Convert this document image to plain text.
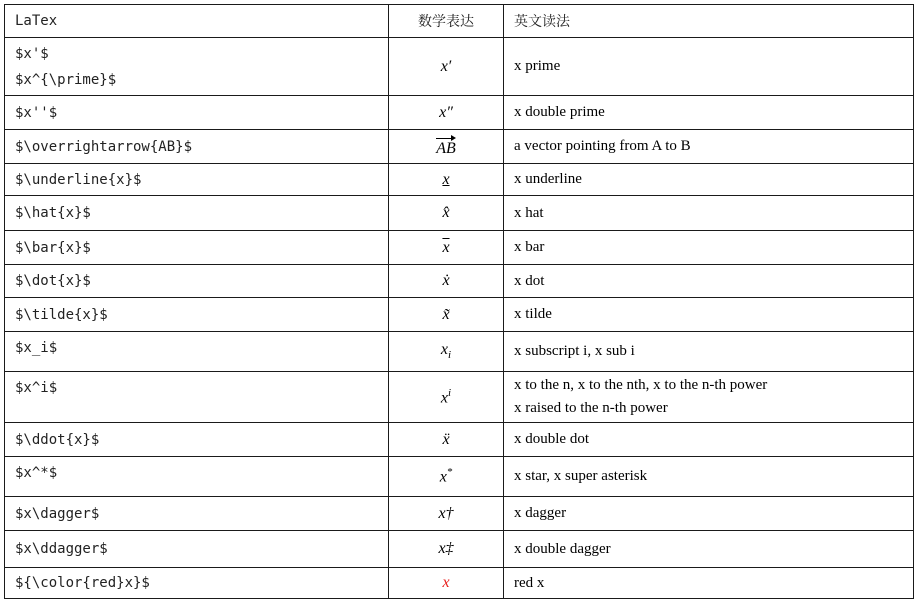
LaTex	数学表达	英文读法

$x'$
$x^{\prime}$	x′	x prime

$x''$	x″	x double prime

$\overrightarrow{AB}$	AB	a vector pointing from A to B

$\underline{x}$	x	x underline

$\hat{x}$	x̂	x hat

$\bar{x}$	$\overline{x}$	x bar

$\dot{x}$	ẋ	x dot

$\tilde{x}$	x̃	x tilde

$x_i$	$x_i$	x subscript i, x sub i

$x^i$	$x^i$	x to the n, x to the nth, x to the n-th power
x raised to the n-th power

$\ddot{x}$	ẍ	x double dot

$x^*$	x*	x star, x super asterisk

$x\dagger$	x†	x dagger

$x\ddagger$	x‡	x double dagger

${\color{red}x}$	x	red x
